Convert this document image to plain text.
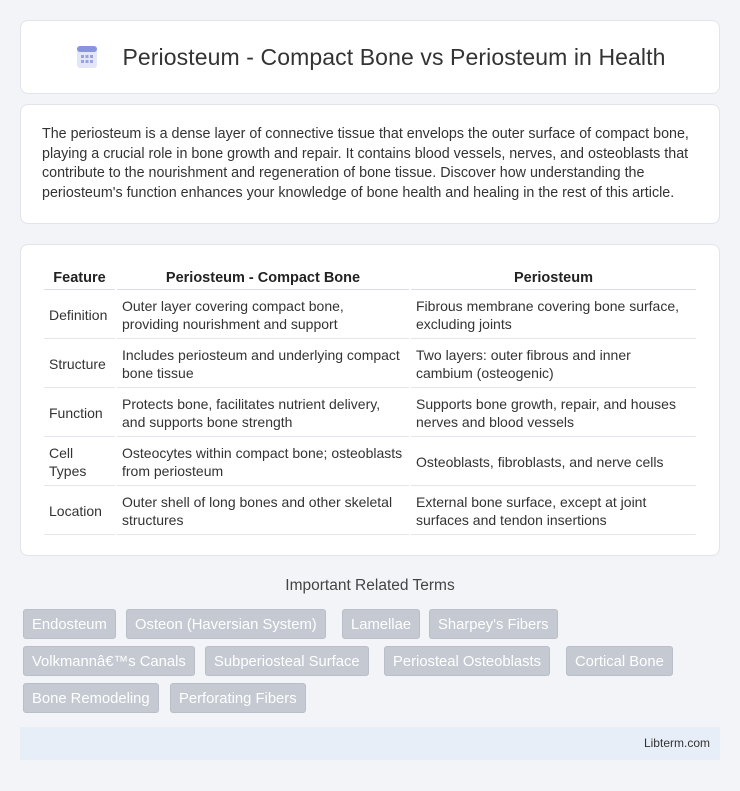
Periosteum - Compact Bone vs Periosteum in Health

The periosteum is a dense layer of connective tissue that envelops the outer surface of compact bone, playing a crucial role in bone growth and repair. It contains blood vessels, nerves, and osteoblasts that contribute to the nourishment and regeneration of bone tissue. Discover how understanding the periosteum's function enhances your knowledge of bone health and healing in the rest of this article.

Feature	Periosteum - Compact Bone	Periosteum
Definition	Outer layer covering compact bone, providing nourishment and support	Fibrous membrane covering bone surface, excluding joints
Structure	Includes periosteum and underlying compact bone tissue	Two layers: outer fibrous and inner cambium (osteogenic)
Function	Protects bone, facilitates nutrient delivery, and supports bone strength	Supports bone growth, repair, and houses nerves and blood vessels
Cell Types	Osteocytes within compact bone; osteoblasts from periosteum	Osteoblasts, fibroblasts, and nerve cells
Location	Outer shell of long bones and other skeletal structures	External bone surface, except at joint surfaces and tendon insertions
Important Related Terms
Endosteum	Osteon (Haversian System)	Lamellae	Sharpey's Fibers
Volkmannâ€™s Canals	Subperiosteal Surface	Periosteal Osteoblasts	Cortical Bone
Bone Remodeling	Perforating Fibers
Libterm.com
